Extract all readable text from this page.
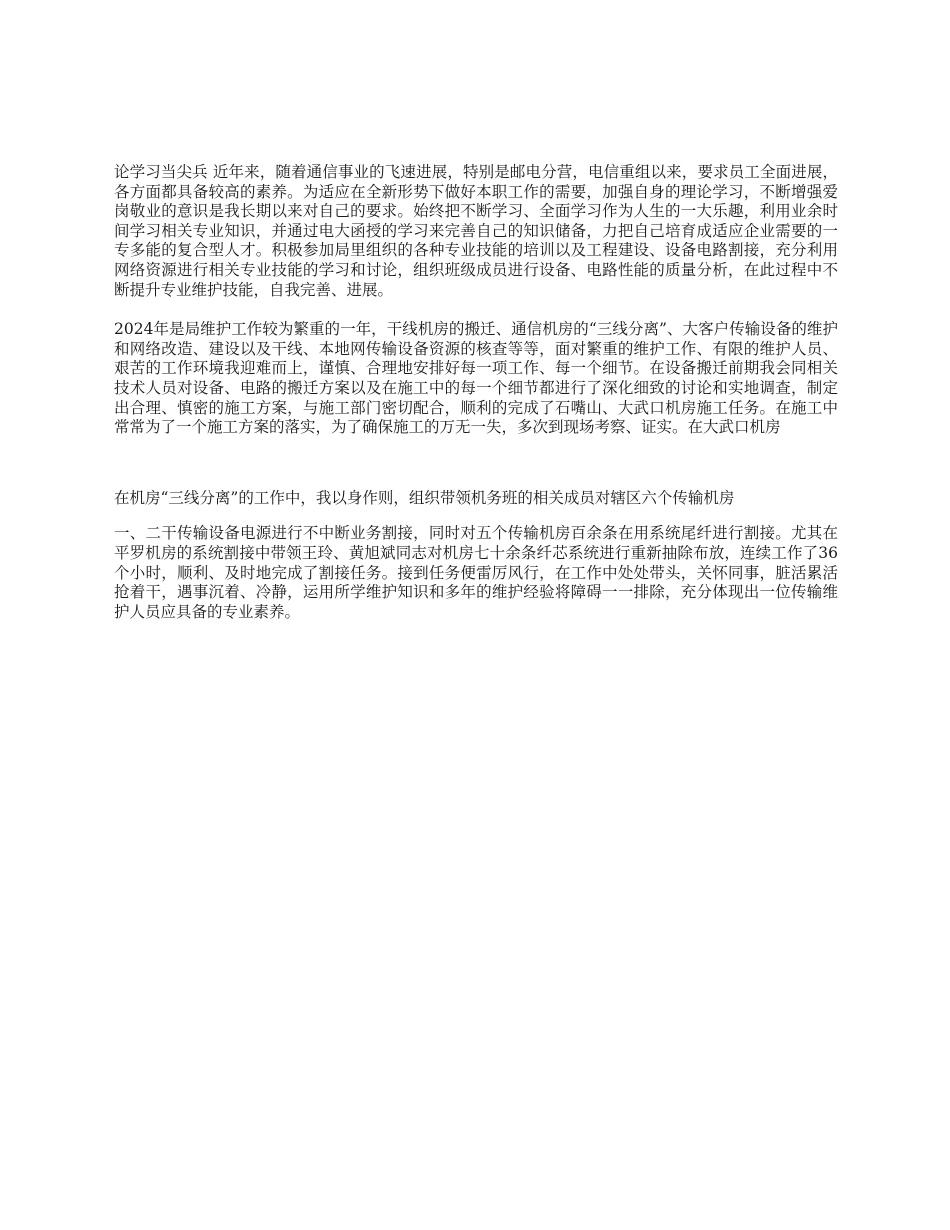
论学习当尖兵 近年来，随着通信事业的飞速进展，特别是邮电分营，电信重组以来，要求员工全面进展，各方面都具备较高的素养。为适应在全新形势下做好本职工作的需要，加强自身的理论学习，不断增强爱岗敬业的意识是我长期以来对自己的要求。始终把不断学习、全面学习作为人生的一大乐趣，利用业余时间学习相关专业知识，并通过电大函授的学习来完善自己的知识储备，力把自己培育成适应企业需要的一专多能的复合型人才。积极参加局里组织的各种专业技能的培训以及工程建设、设备电路割接，充分利用网络资源进行相关专业技能的学习和讨论，组织班级成员进行设备、电路性能的质量分析，在此过程中不断提升专业维护技能，自我完善、进展。

2024年是局维护工作较为繁重的一年，干线机房的搬迁、通信机房的“三线分离”、大客户传输设备的维护和网络改造、建设以及干线、本地网传输设备资源的核查等等，面对繁重的维护工作、有限的维护人员、艰苦的工作环境我迎难而上，谨慎、合理地安排好每一项工作、每一个细节。在设备搬迁前期我会同相关技术人员对设备、电路的搬迁方案以及在施工中的每一个细节都进行了深化细致的讨论和实地调查，制定出合理、慎密的施工方案，与施工部门密切配合，顺利的完成了石嘴山、大武口机房施工任务。在施工中常常为了一个施工方案的落实，为了确保施工的万无一失，多次到现场考察、证实。在大武口机房

在机房“三线分离”的工作中，我以身作则，组织带领机务班的相关成员对辖区六个传输机房

一、二干传输设备电源进行不中断业务割接，同时对五个传输机房百余条在用系统尾纤进行割接。尤其在平罗机房的系统割接中带领王玲、黄旭斌同志对机房七十余条纤芯系统进行重新抽除布放，连续工作了36个小时，顺利、及时地完成了割接任务。接到任务便雷厉风行，在工作中处处带头，关怀同事，脏活累活抢着干，遇事沉着、冷静，运用所学维护知识和多年的维护经验将障碍一一排除，充分体现出一位传输维护人员应具备的专业素养。
